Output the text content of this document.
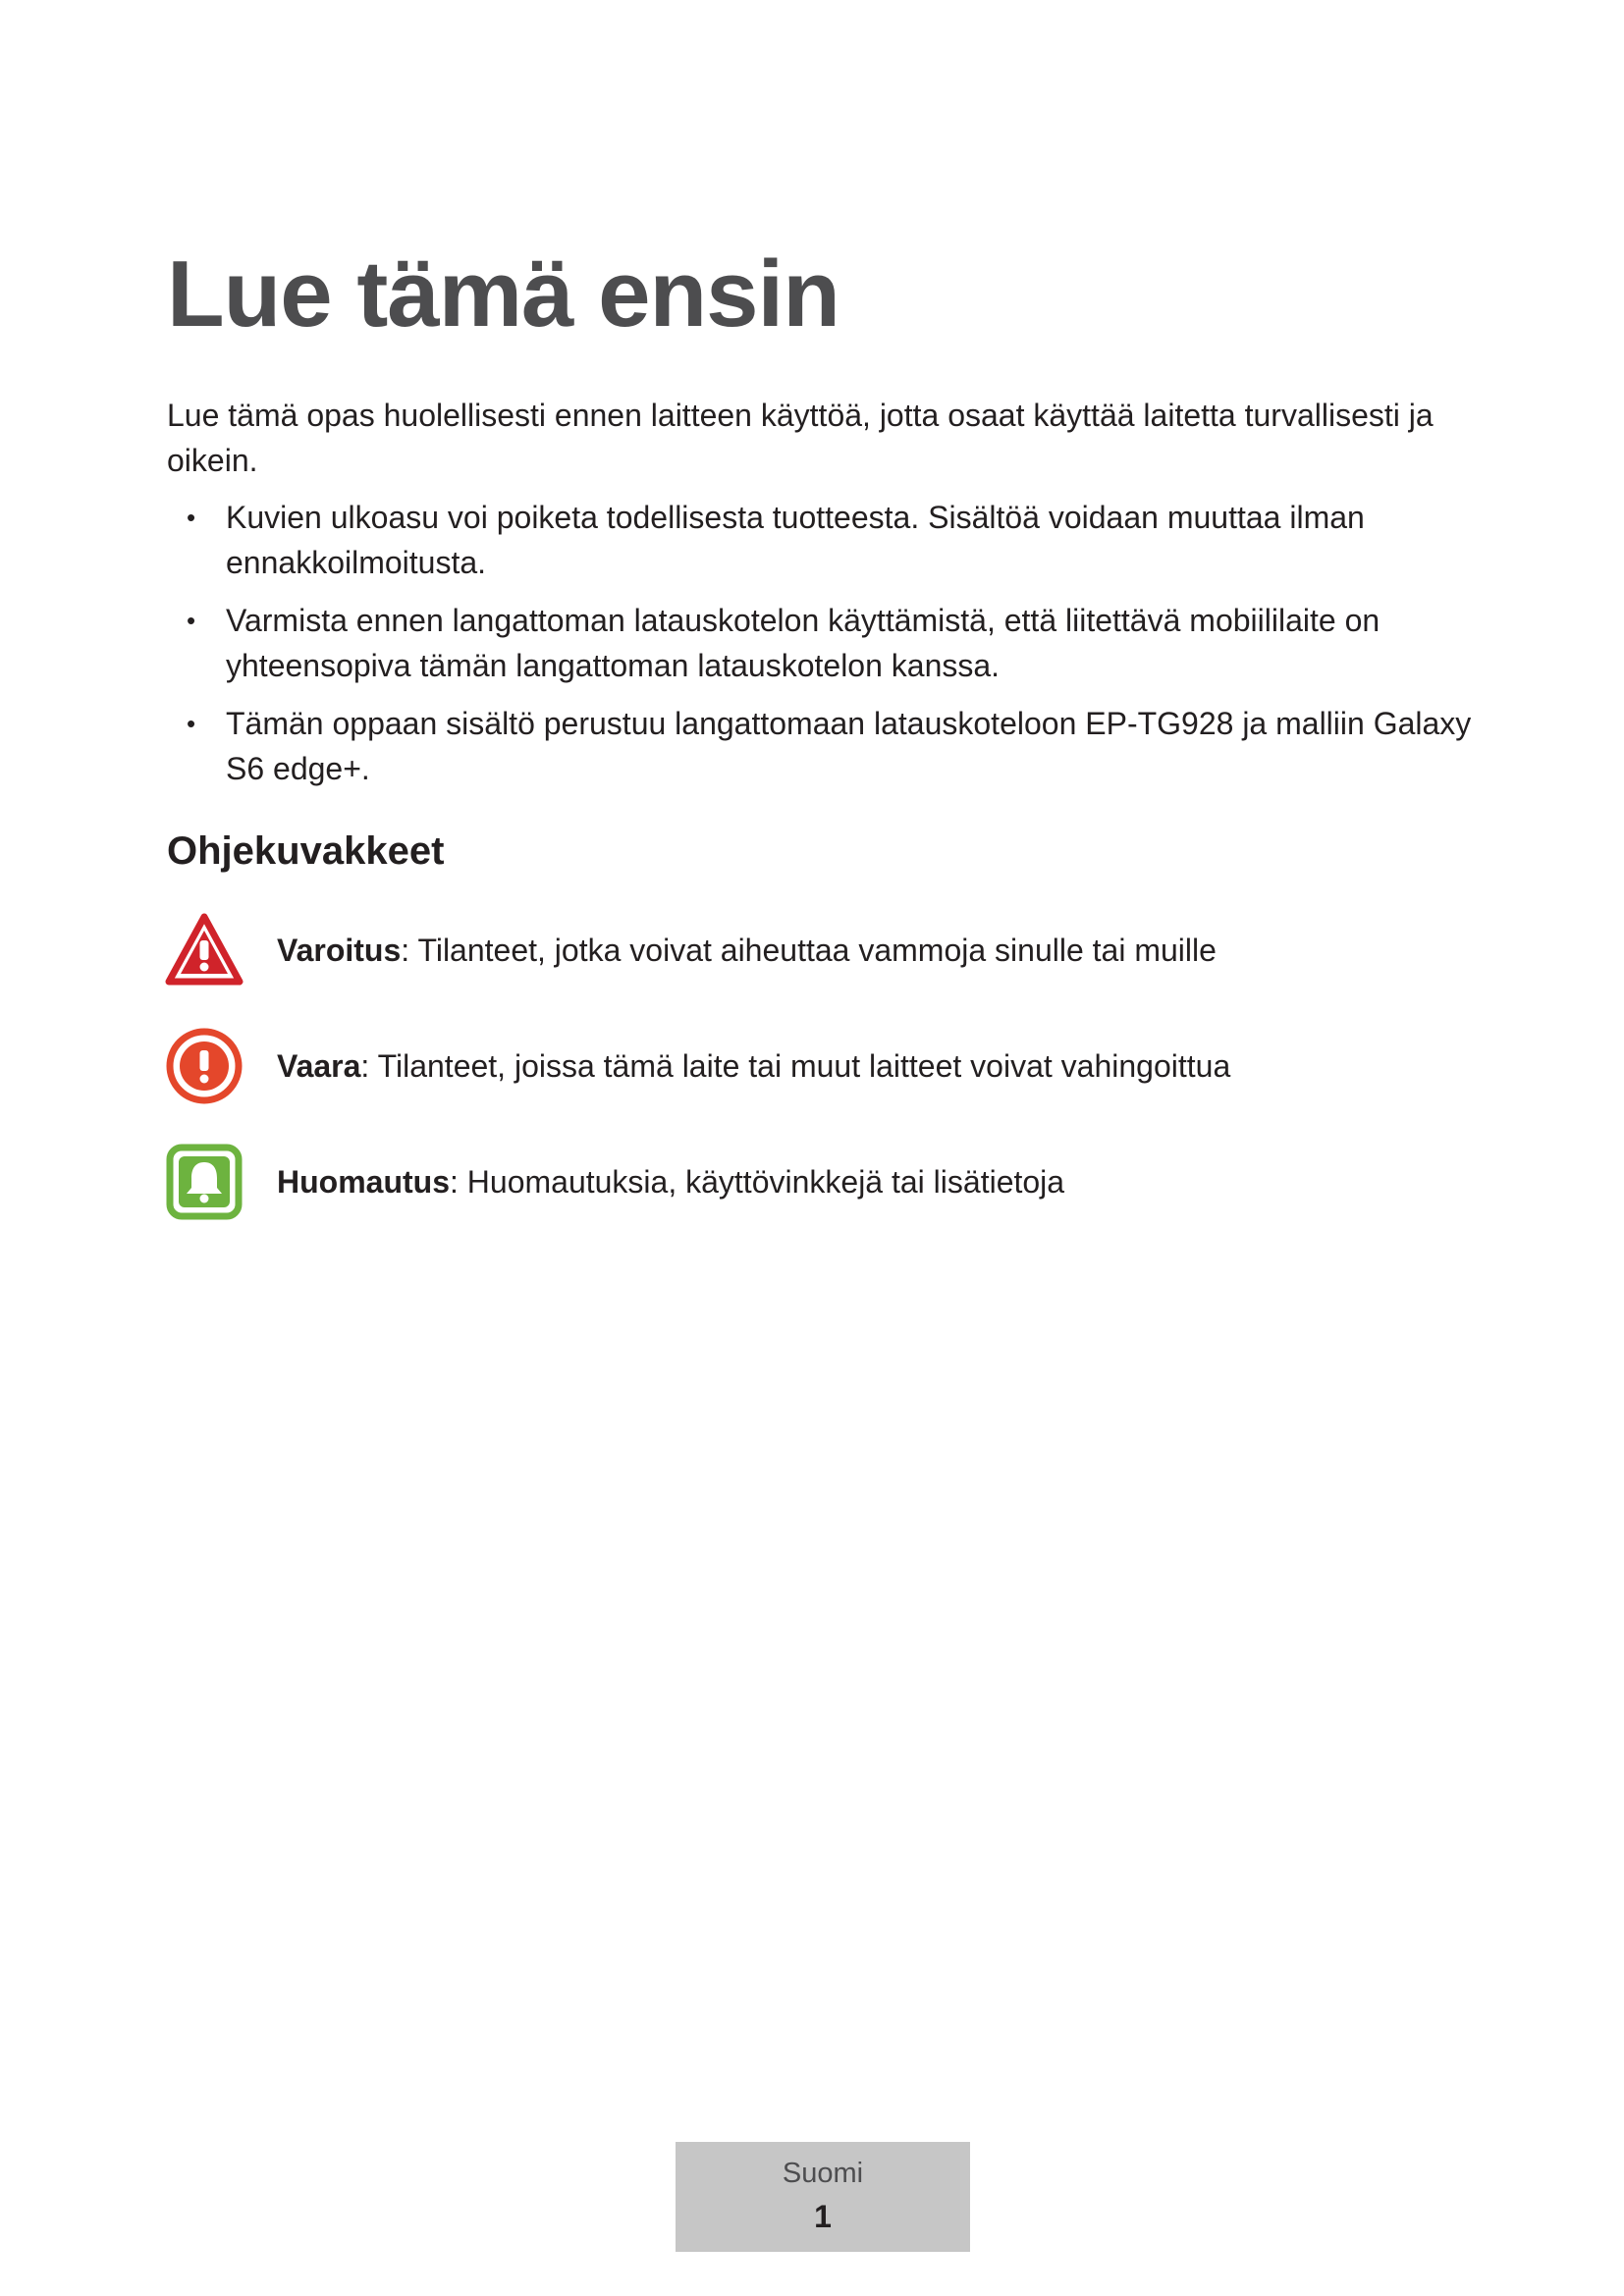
Lue tämä ensin

Lue tämä opas huolellisesti ennen laitteen käyttöä, jotta osaat käyttää laitetta turvallisesti ja oikein.

• Kuvien ulkoasu voi poiketa todellisesta tuotteesta. Sisältöä voidaan muuttaa ilman ennakkoilmoitusta.
• Varmista ennen langattoman latauskotelon käyttämistä, että liitettävä mobiililaite on yhteensopiva tämän langattoman latauskotelon kanssa.
• Tämän oppaan sisältö perustuu langattomaan latauskoteloon EP-TG928 ja malliin Galaxy S6 edge+.
Ohjekuvakkeet
Varoitus: Tilanteet, jotka voivat aiheuttaa vammoja sinulle tai muille
Vaara: Tilanteet, joissa tämä laite tai muut laitteet voivat vahingoittua
Huomautus: Huomautuksia, käyttövinkkejä tai lisätietoja
Suomi
1
